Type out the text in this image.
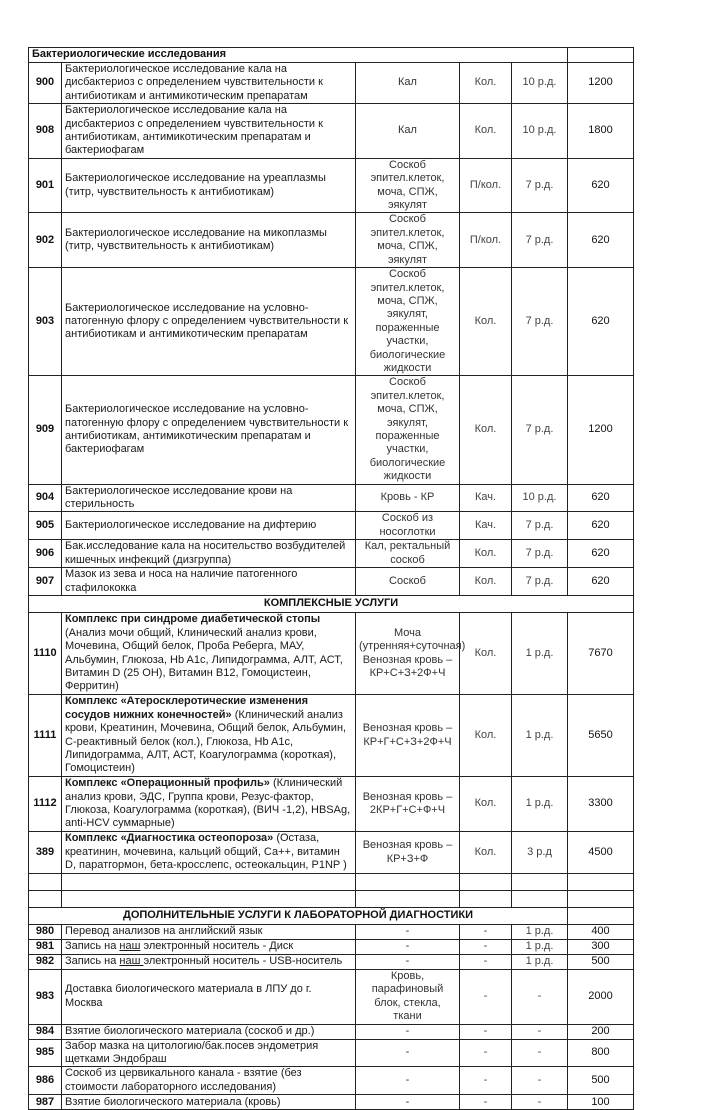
Бактериологические исследования					
900	Бактериологическое исследование кала на дисбактериоз с определением чувствительности к антибиотикам и антимикотическим препаратам	Кал	Кол.	10 р.д.	1200
908	Бактериологическое исследование кала на дисбактериоз с определением чувствительности к антибиотикам, антимикотическим препаратам и бактериофагам	Кал	Кол.	10 р.д.	1800
901	Бактериологическое исследование на уреаплазмы (титр, чувствительность к антибиотикам)	Соскоб эпител.клеток, моча, СПЖ, эякулят	П/кол.	7 р.д.	620
902	Бактериологическое исследование на микоплазмы (титр, чувствительность к антибиотикам)	Соскоб эпител.клеток, моча, СПЖ, эякулят	П/кол.	7 р.д.	620
903	Бактериологическое исследование на условно-патогенную флору с определением чувствительности к антибиотикам и антимикотическим препаратам	Соскоб эпител.клеток, моча, СПЖ, эякулят, пораженные участки, биологические жидкости	Кол.	7 р.д.	620
909	Бактериологическое исследование на условно-патогенную флору с определением чувствительности к антибиотикам, антимикотическим препаратам и бактериофагам	Соскоб эпител.клеток, моча, СПЖ, эякулят, пораженные участки, биологические жидкости	Кол.	7 р.д.	1200
904	Бактериологическое исследование крови на стерильность	Кровь - КР	Кач.	10 р.д.	620
905	Бактериологическое исследование на дифтерию	Соскоб из носоглотки	Кач.	7 р.д.	620
906	Бак.исследование кала на носительство возбудителей кишечных инфекций (дизгруппа)	Кал, ректальный соскоб	Кол.	7 р.д.	620
907	Мазок из зева и носа на наличие патогенного стафилококка	Соскоб	Кол.	7 р.д.	620
КОМПЛЕКСНЫЕ УСЛУГИ					
1110	Комплекс при синдроме диабетической стопы (Анализ мочи общий, Клинический анализ крови, Мочевина, Общий белок, Проба Реберга, МАУ, Альбумин, Глюкоза, Hb A1c, Липидограмма, АЛТ, АСТ, Витамин D (25 ОН), Витамин B12, Гомоцистеин, Ферритин)	Моча (утренняя+суточная) Венозная кровь – КР+С+З+2Ф+Ч	Кол.	1 р.д.	7670
1111	Комплекс «Атеросклеротические изменения сосудов нижних конечностей» (Клинический анализ крови, Креатинин, Мочевина, Общий белок, Альбумин, С-реактивный белок (кол.), Глюкоза, Hb A1c, Липидограмма, АЛТ, АСТ, Коагулограмма (короткая), Гомоцистеин)	Венозная кровь – КР+Г+С+З+2Ф+Ч	Кол.	1 р.д.	5650
1112	Комплекс «Операционный профиль» (Клинический анализ крови, ЭДС, Группа крови, Резус-фактор, Глюкоза, Коагулограмма (короткая), (ВИЧ -1,2), HBSAg, anti-HCV суммарные)	Венозная кровь – 2КР+Г+С+Ф+Ч	Кол.	1 р.д.	3300
389	Комплекс «Диагностика остеопороза» (Остаза, креатинин, мочевина, кальций общий, Са++, витамин D, паратгормон, бета-кросслепс, остеокальцин, P1NP )	Венозная кровь – КР+З+Ф	Кол.	3 р.д	4500

ДОПОЛНИТЕЛЬНЫЕ УСЛУГИ К ЛАБОРАТОРНОЙ ДИАГНОСТИКИ					
980	Перевод анализов на английский язык	-	-	1 р.д.	400
981	Запись на наш электронный носитель - Диск	-	-	1 р.д.	300
982	Запись на наш электронный носитель - USB-носитель	-	-	1 р.д.	500
983	Доставка биологического материала в ЛПУ до г. Москва	Кровь, парафиновый блок, стекла, ткани	-	-	2000
984	Взятие биологического материала (соскоб и др.)	-	-	-	200
985	Забор мазка на цитологию/бак.посев эндометрия щетками Эндобраш	-	-	-	800
986	Соскоб из цервикального канала - взятие (без стоимости лабораторного исследования)	-	-	-	500
987	Взятие биологического материала (кровь)	-	-	-	100
